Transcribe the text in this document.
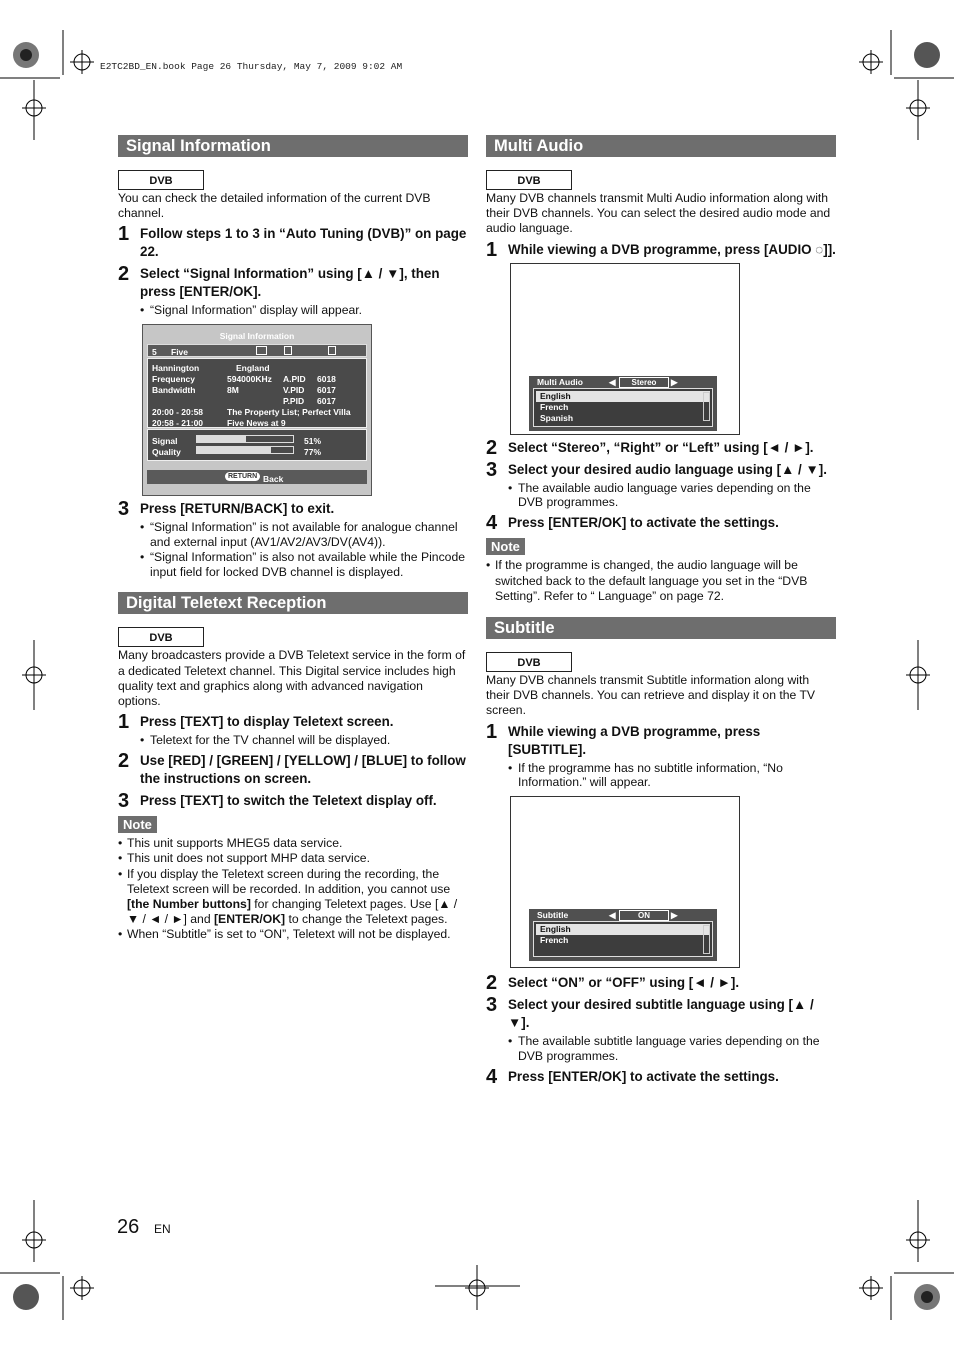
E2TC2BD_EN.book Page 26 Thursday, May 7, 2009 9:02 AM
Signal Information
DVB

You can check the detailed information of the current DVB channel.

1 Follow steps 1 to 3 in “Auto Tuning (DVB)” on page 22.
2 Select “Signal Information” using [▲ / ▼], then press [ENTER/OK].
• “Signal Information” display will appear.
Signal Information
5 Five
Hannington	England
Frequency	594000KHz A.PID 6018
Bandwidth	8M	V.PID 6017
P.PID 6017
20:00 - 20:58	The Property List; Perfect Villa
20:58 - 21:00	Five News at 9
Signal	51%
Quality	77%
RETURN Back
3 Press [RETURN/BACK] to exit.
• “Signal Information” is not available for analogue channel and external input (AV1/AV2/AV3/DV(AV4)).
• “Signal Information” is also not available while the Pincode input field for locked DVB channel is displayed.
Digital Teletext Reception
DVB

Many broadcasters provide a DVB Teletext service in the form of a dedicated Teletext channel. This Digital service includes high quality text and graphics along with advanced navigation options.

1 Press [TEXT] to display Teletext screen.
• Teletext for the TV channel will be displayed.
2 Use [RED] / [GREEN] / [YELLOW] / [BLUE] to follow the instructions on screen.
3 Press [TEXT] to switch the Teletext display off.
Note
• This unit supports MHEG5 data service.
• This unit does not support MHP data service.
• If you display the Teletext screen during the recording, the Teletext screen will be recorded. In addition, you cannot use [the Number buttons] for changing Teletext pages. Use [▲ / ▼ / ◄ / ►] and [ENTER/OK] to change the Teletext pages.
• When “Subtitle” is set to “ON”, Teletext will not be displayed.
Multi Audio
DVB

Many DVB channels transmit Multi Audio information along with their DVB channels. You can select the desired audio mode and audio language.

1 While viewing a DVB programme, press [AUDIO ◌]].
Multi Audio	◀	Stereo	▶
English
French
Spanish
2 Select “Stereo”, “Right” or “Left” using [◄ / ►].
3 Select your desired audio language using [▲ / ▼].
• The available audio language varies depending on the DVB programmes.
4 Press [ENTER/OK] to activate the settings.
Note
• If the programme is changed, the audio language will be switched back to the default language you set in the “DVB Setting”. Refer to “ Language” on page 72.
Subtitle
DVB

Many DVB channels transmit Subtitle information along with their DVB channels. You can retrieve and display it on the TV screen.

1 While viewing a DVB programme, press [SUBTITLE].
• If the programme has no subtitle information, “No Information.” will appear.
Subtitle	◀	ON	▶
English
French
2 Select “ON” or “OFF” using [◄ / ►].
3 Select your desired subtitle language using [▲ / ▼].
• The available subtitle language varies depending on the DVB programmes.
4 Press [ENTER/OK] to activate the settings.
26 EN
